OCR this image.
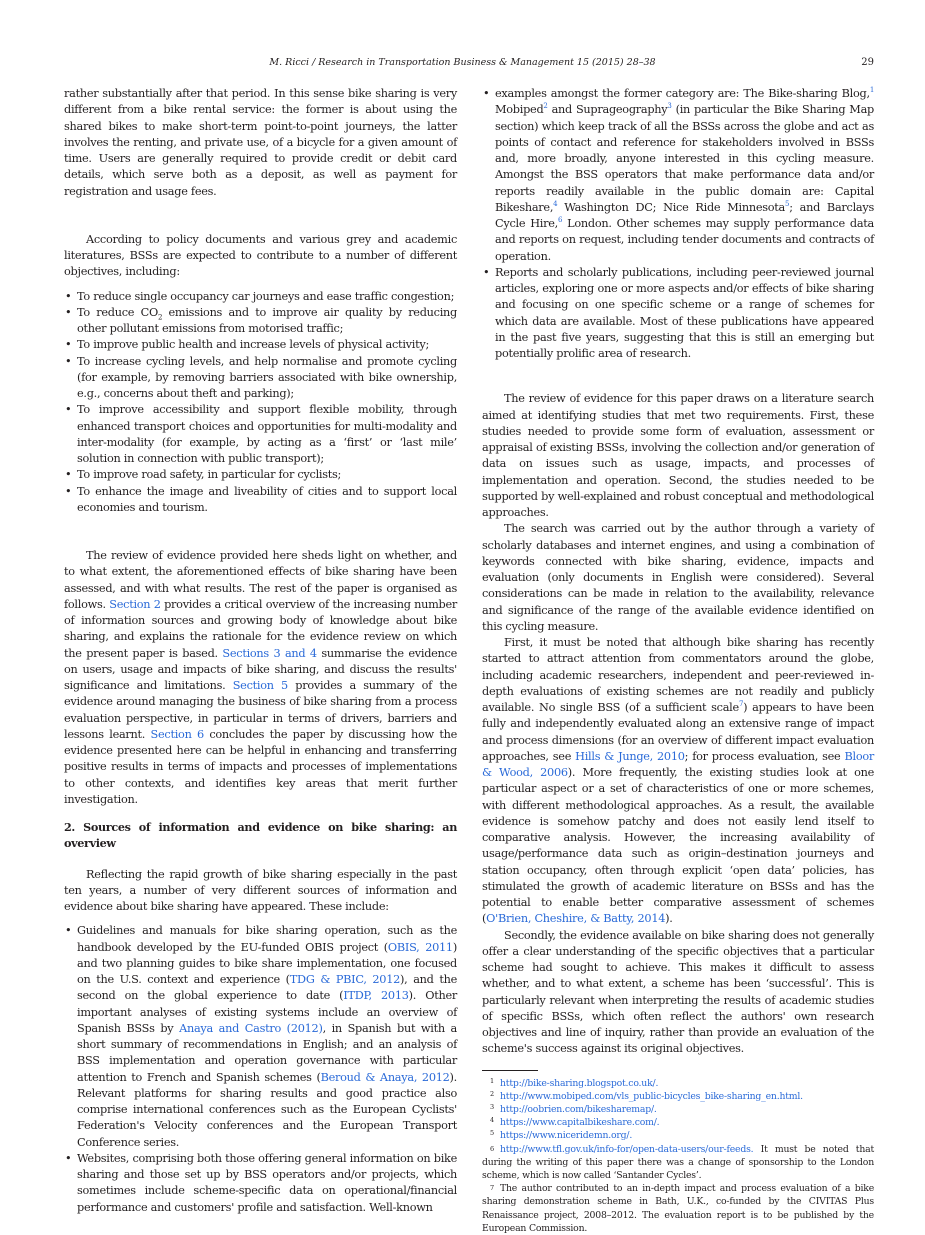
M. Ricci / Research in Transportation Business & Management 15 (2015) 28–38	29

rather substantially after that period. In this sense bike sharing is very different from a bike rental service: the former is about using the shared bikes to make short-term point-to-point journeys, the latter involves the renting, and private use, of a bicycle for a given amount of time. Users are generally required to provide credit or debit card details, which serve both as a deposit, as well as payment for registration and usage fees.

According to policy documents and various grey and academic literatures, BSSs are expected to contribute to a number of different objectives, including:

• To reduce single occupancy car journeys and ease traffic congestion;
• To reduce $CO_2$ emissions and to improve air quality by reducing other pollutant emissions from motorised traffic;
• To improve public health and increase levels of physical activity;
• To increase cycling levels, and help normalise and promote cycling (for example, by removing barriers associated with bike ownership, e.g., concerns about theft and parking);
• To improve accessibility and support flexible mobility, through enhanced transport choices and opportunities for multi-modality and inter-modality (for example, by acting as a ‘first’ or ‘last mile’ solution in connection with public transport);
• To improve road safety, in particular for cyclists;
• To enhance the image and liveability of cities and to support local economies and tourism.

The review of evidence provided here sheds light on whether, and to what extent, the aforementioned effects of bike sharing have been assessed, and with what results. The rest of the paper is organised as follows. Section 2 provides a critical overview of the increasing number of information sources and growing body of knowledge about bike sharing, and explains the rationale for the evidence review on which the present paper is based. Sections 3 and 4 summarise the evidence on users, usage and impacts of bike sharing, and discuss the results' significance and limitations. Section 5 provides a summary of the evidence around managing the business of bike sharing from a process evaluation perspective, in particular in terms of drivers, barriers and lessons learnt. Section 6 concludes the paper by discussing how the evidence presented here can be helpful in enhancing and transferring positive results in terms of impacts and processes of implementations to other contexts, and identifies key areas that merit further investigation.

2. Sources of information and evidence on bike sharing: an overview

Reflecting the rapid growth of bike sharing especially in the past ten years, a number of very different sources of information and evidence about bike sharing have appeared. These include:

• Guidelines and manuals for bike sharing operation, such as the handbook developed by the EU-funded OBIS project (OBIS, 2011) and two planning guides to bike share implementation, one focused on the U.S. context and experience (TDG & PBIC, 2012), and the second on the global experience to date (ITDP, 2013). Other important analyses of existing systems include an overview of Spanish BSSs by Anaya and Castro (2012), in Spanish but with a short summary of recommendations in English; and an analysis of BSS implementation and operation governance with particular attention to French and Spanish schemes (Beroud & Anaya, 2012). Relevant platforms for sharing results and good practice also comprise international conferences such as the European Cyclists' Federation's Velocity conferences and the European Transport Conference series.
• Websites, comprising both those offering general information on bike sharing and those set up by BSS operators and/or projects, which sometimes include scheme-specific data on operational/financial performance and customers' profile and satisfaction. Well-known
• examples amongst the former category are: The Bike-sharing Blog,$^1$ Mobiped$^2$ and Suprageography$^3$ (in particular the Bike Sharing Map section) which keep track of all the BSSs across the globe and act as points of contact and reference for stakeholders involved in BSSs and, more broadly, anyone interested in this cycling measure. Amongst the BSS operators that make performance data and/or reports readily available in the public domain are: Capital Bikeshare,$^4$ Washington DC; Nice Ride Minnesota$^5$; and Barclays Cycle Hire,$^6$ London. Other schemes may supply performance data and reports on request, including tender documents and contracts of operation.
• Reports and scholarly publications, including peer-reviewed journal articles, exploring one or more aspects and/or effects of bike sharing and focusing on one specific scheme or a range of schemes for which data are available. Most of these publications have appeared in the past five years, suggesting that this is still an emerging but potentially prolific area of research.

The review of evidence for this paper draws on a literature search aimed at identifying studies that met two requirements. First, these studies needed to provide some form of evaluation, assessment or appraisal of existing BSSs, involving the collection and/or generation of data on issues such as usage, impacts, and processes of implementation and operation. Second, the studies needed to be supported by well-explained and robust conceptual and methodological approaches.

The search was carried out by the author through a variety of scholarly databases and internet engines, and using a combination of keywords connected with bike sharing, evidence, impacts and evaluation (only documents in English were considered). Several considerations can be made in relation to the availability, relevance and significance of the range of the available evidence identified on this cycling measure.

First, it must be noted that although bike sharing has recently started to attract attention from commentators around the globe, including academic researchers, independent and peer-reviewed in-depth evaluations of existing schemes are not readily and publicly available. No single BSS (of a sufficient scale$^7$) appears to have been fully and independently evaluated along an extensive range of impact and process dimensions (for an overview of different impact evaluation approaches, see Hills & Junge, 2010; for process evaluation, see Bloor & Wood, 2006). More frequently, the existing studies look at one particular aspect or a set of characteristics of one or more schemes, with different methodological approaches. As a result, the available evidence is somehow patchy and does not easily lend itself to comparative analysis. However, the increasing availability of usage/performance data such as origin–destination journeys and station occupancy, often through explicit ‘open data’ policies, has stimulated the growth of academic literature on BSSs and has the potential to enable better comparative assessment of schemes (O'Brien, Cheshire, & Batty, 2014).

Secondly, the evidence available on bike sharing does not generally offer a clear understanding of the specific objectives that a particular scheme had sought to achieve. This makes it difficult to assess whether, and to what extent, a scheme has been ‘successful’. This is particularly relevant when interpreting the results of academic studies of specific BSSs, which often reflect the authors' own research objectives and line of inquiry, rather than provide an evaluation of the scheme's success against its original objectives.

1 http://bike-sharing.blogspot.co.uk/.
2 http://www.mobiped.com/vls_public-bicycles_bike-sharing_en.html.
3 http://oobrien.com/bikesharemap/.
4 https://www.capitalbikeshare.com/.
5 https://www.niceridemn.org/.
6 http://www.tfl.gov.uk/info-for/open-data-users/our-feeds. It must be noted that during the writing of this paper there was a change of sponsorship to the London scheme, which is now called ‘Santander Cycles’.
7 The author contributed to an in-depth impact and process evaluation of a bike sharing demonstration scheme in Bath, U.K., co-funded by the CIVITAS Plus Renaissance project, 2008–2012. The evaluation report is to be published by the European Commission.
